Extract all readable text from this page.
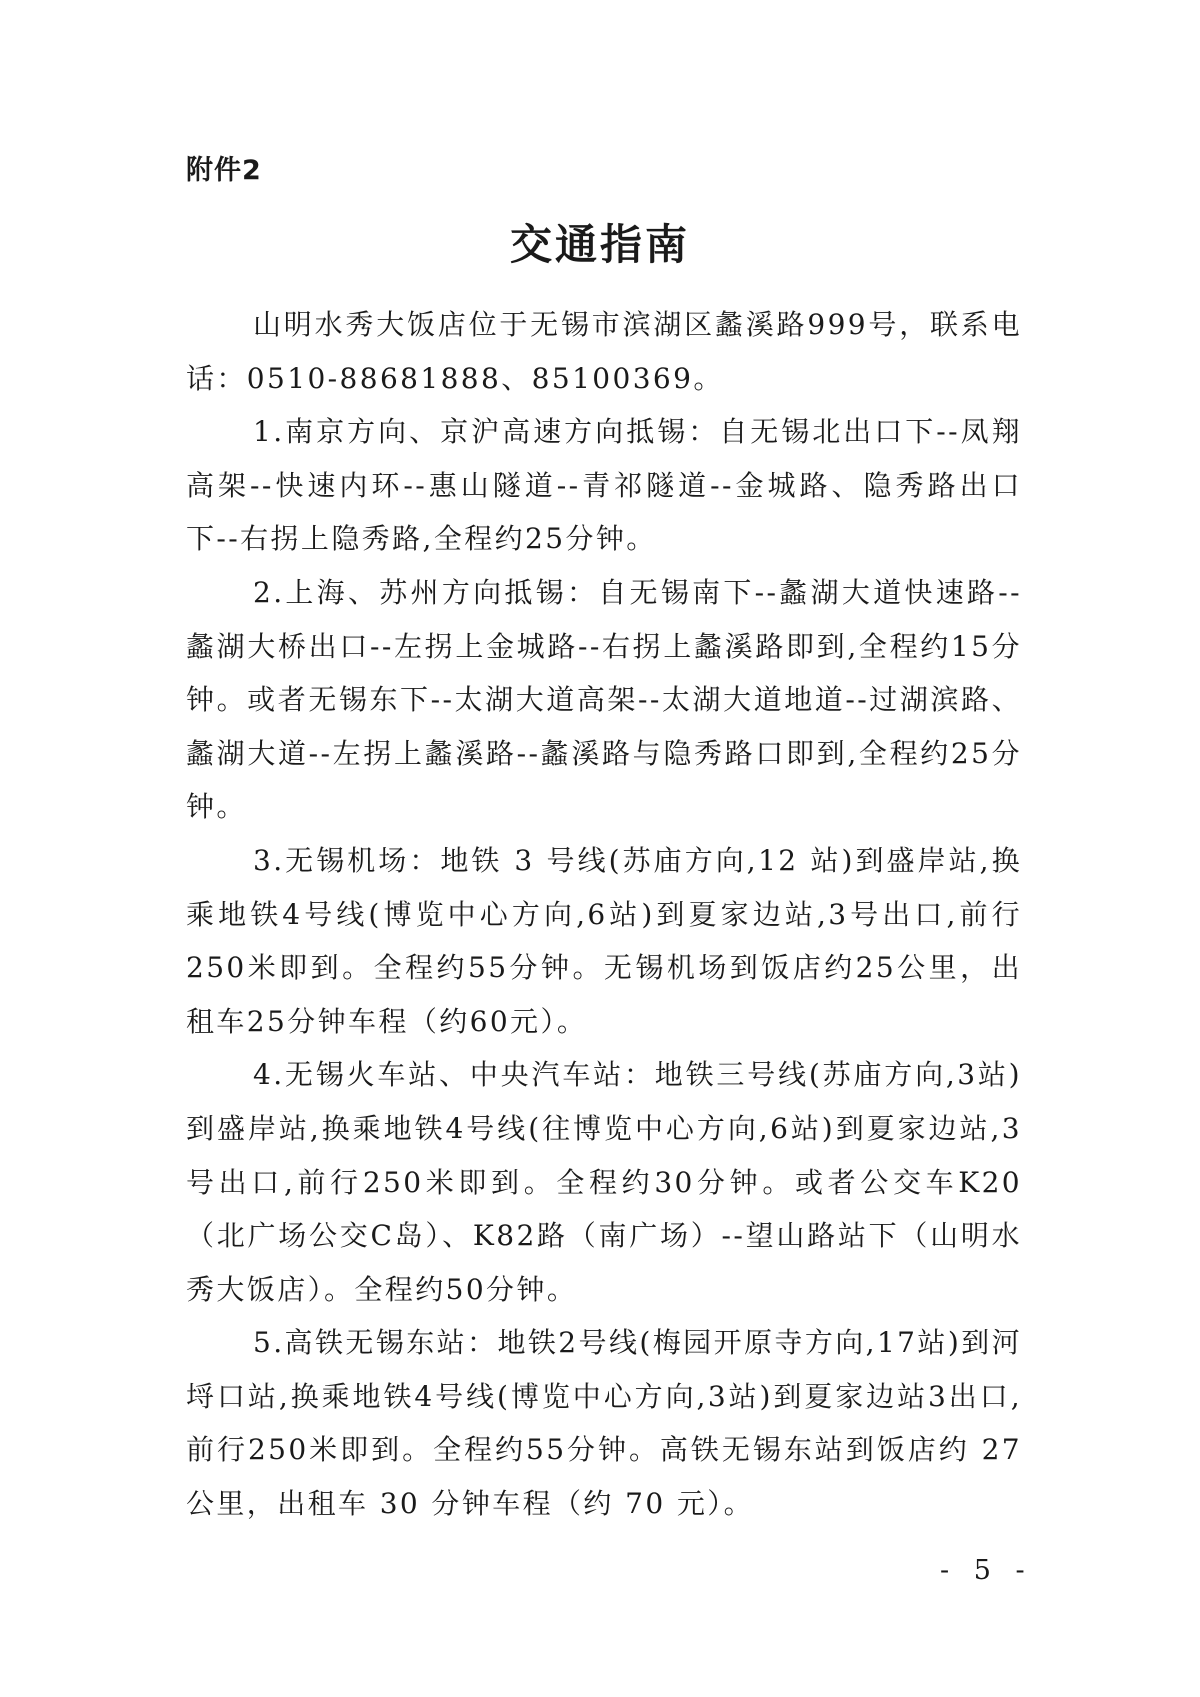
附件2
交通指南

山明水秀大饭店位于无锡市滨湖区蠡溪路999号，联系电话：0510-88681888、85100369。

1.南京方向、京沪高速方向抵锡：自无锡北出口下--凤翔高架--快速内环--惠山隧道--青祁隧道--金城路、隐秀路出口下--右拐上隐秀路,全程约25分钟。

2.上海、苏州方向抵锡：自无锡南下--蠡湖大道快速路--蠡湖大桥出口--左拐上金城路--右拐上蠡溪路即到,全程约15分钟。或者无锡东下--太湖大道高架--太湖大道地道--过湖滨路、蠡湖大道--左拐上蠡溪路--蠡溪路与隐秀路口即到,全程约25分钟。

3.无锡机场：地铁 3 号线(苏庙方向,12 站)到盛岸站,换乘地铁4号线(博览中心方向,6站)到夏家边站,3号出口,前行250米即到。全程约55分钟。无锡机场到饭店约25公里，出租车25分钟车程（约60元）。

4.无锡火车站、中央汽车站：地铁三号线(苏庙方向,3站)到盛岸站,换乘地铁4号线(往博览中心方向,6站)到夏家边站,3号出口,前行250米即到。全程约30分钟。或者公交车K20（北广场公交C岛）、K82路（南广场）--望山路站下（山明水秀大饭店）。全程约50分钟。

5.高铁无锡东站：地铁2号线(梅园开原寺方向,17站)到河埒口站,换乘地铁4号线(博览中心方向,3站)到夏家边站3出口,前行250米即到。全程约55分钟。高铁无锡东站到饭店约 27 公里，出租车 30 分钟车程（约 70 元）。

- 5 -
